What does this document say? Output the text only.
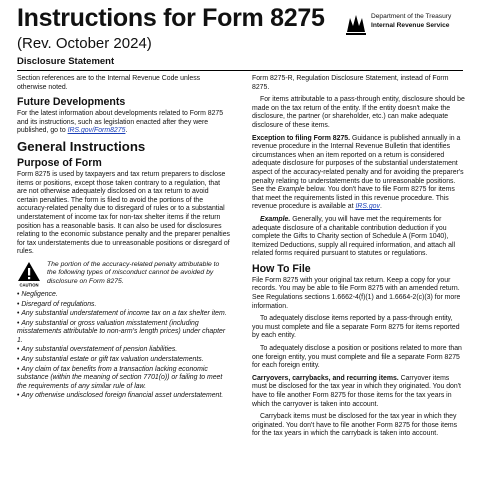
Instructions for Form 8275
(Rev. October 2024)
Disclosure Statement
Department of the Treasury
Internal Revenue Service

Section references are to the Internal Revenue Code unless otherwise noted.

Future Developments

For the latest information about developments related to Form 8275 and its instructions, such as legislation enacted after they were published, go to IRS.gov/Form8275.

General Instructions
Purpose of Form

Form 8275 is used by taxpayers and tax return preparers to disclose items or positions, except those taken contrary to a regulation, that are not otherwise adequately disclosed on a tax return to avoid certain penalties. The form is filed to avoid the portions of the accuracy-related penalty due to disregard of rules or to a substantial understatement of income tax for non-tax shelter items if the return position has a reasonable basis. It can also be used for disclosures relating to the economic substance penalty and the preparer penalties for tax understatements due to unreasonable positions or disregard of rules.

CAUTION
The portion of the accuracy-related penalty attributable to the following types of misconduct cannot be avoided by disclosure on Form 8275.
• Negligence.
• Disregard of regulations.
• Any substantial understatement of income tax on a tax shelter item.
• Any substantial or gross valuation misstatement (including misstatements attributable to non-arm's length prices) under chapter 1.
• Any substantial overstatement of pension liabilities.
• Any substantial estate or gift tax valuation understatements.
• Any claim of tax benefits from a transaction lacking economic substance (within the meaning of section 7701(o)) or failing to meet the requirements of any similar rule of law.
• Any otherwise undisclosed foreign financial asset understatement.

Form 8275-R, Regulation Disclosure Statement, instead of Form 8275.

For items attributable to a pass-through entity, disclosure should be made on the tax return of the entity. If the entity doesn't make the disclosure, the partner (or shareholder, etc.) can make adequate disclosure of these items.

Exception to filing Form 8275. Guidance is published annually in a revenue procedure in the Internal Revenue Bulletin that identifies circumstances when an item reported on a return is considered adequate disclosure for purposes of the substantial understatement aspect of the accuracy-related penalty and for avoiding the preparer's penalty relating to understatements due to unreasonable positions. See the Example below. You don't have to file Form 8275 for items that meet the requirements listed in this revenue procedure. This revenue procedure is available at IRS.gov.

Example. Generally, you will have met the requirements for adequate disclosure of a charitable contribution deduction if you complete the Gifts to Charity section of Schedule A (Form 1040), Itemized Deductions, supply all required information, and attach all related forms required pursuant to statutes or regulations.

How To File

File Form 8275 with your original tax return. Keep a copy for your records. You may be able to file Form 8275 with an amended return. See Regulations sections 1.6662-4(f)(1) and 1.6664-2(c)(3) for more information.

To adequately disclose items reported by a pass-through entity, you must complete and file a separate Form 8275 for items reported by each entity.

To adequately disclose a position or positions related to more than one foreign entity, you must complete and file a separate Form 8275 for each foreign entity.

Carryovers, carrybacks, and recurring items. Carryover items must be disclosed for the tax year in which they originated. You don't have to file another Form 8275 for those items for the tax years in which the carryover is taken into account.

Carryback items must be disclosed for the tax year in which they originated. You don't have to file another Form 8275 for those items for the tax years in which the carryback is taken into account.
